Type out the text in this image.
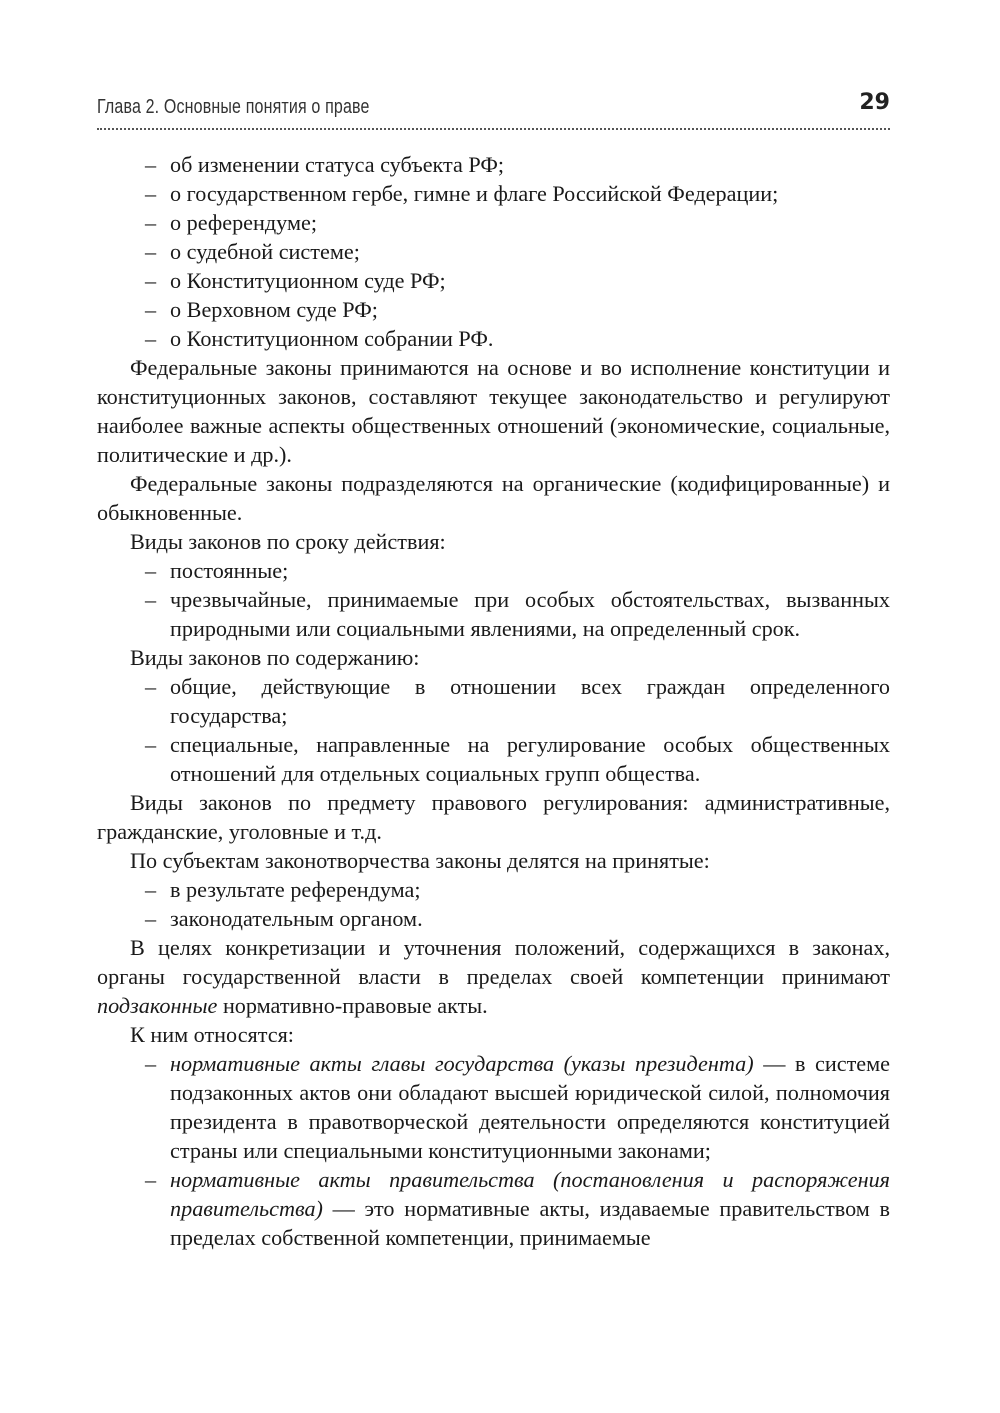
Глава 2. Основные понятия о праве	29
– об изменении статуса субъекта РФ;
– о государственном гербе, гимне и флаге Российской Федерации;
– о референдуме;
– о судебной системе;
– о Конституционном суде РФ;
– о Верховном суде РФ;
– о Конституционном собрании РФ.

Федеральные законы принимаются на основе и во исполнение конституции и конституционных законов, составляют текущее законодательство и регулируют наиболее важные аспекты общественных отношений (экономические, социальные, политические и др.).

Федеральные законы подразделяются на органические (кодифицированные) и обыкновенные.

Виды законов по сроку действия:

– постоянные;
– чрезвычайные, принимаемые при особых обстоятельствах, вызванных природными или социальными явлениями, на определенный срок.

Виды законов по содержанию:

– общие, действующие в отношении всех граждан определенного государства;
– специальные, направленные на регулирование особых общественных отношений для отдельных социальных групп общества.

Виды законов по предмету правового регулирования: административные, гражданские, уголовные и т.д.

По субъектам законотворчества законы делятся на принятые:

– в результате референдума;
– законодательным органом.

В целях конкретизации и уточнения положений, содержащихся в законах, органы государственной власти в пределах своей компетенции принимают подзаконные нормативно-правовые акты.

К ним относятся:

– нормативные акты главы государства (указы президента) — в системе подзаконных актов они обладают высшей юридической силой, полномочия президента в правотворческой деятельности определяются конституцией страны или специальными конституционными законами;
– нормативные акты правительства (постановления и распоряжения правительства) — это нормативные акты, издаваемые правительством в пределах собственной компетенции, принимаемые
